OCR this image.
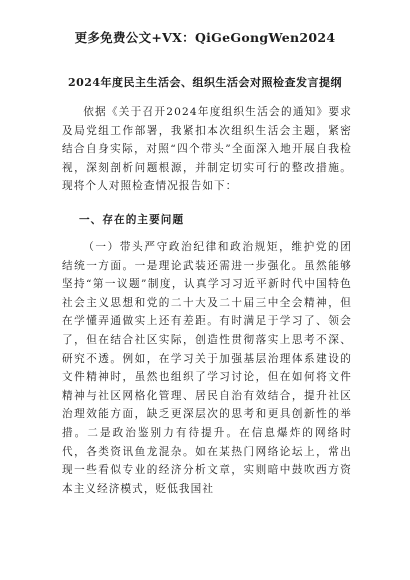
更多免费公文+VX：QiGeGongWen2024
2024年度民主生活会、组织生活会对照检查发言提纲

依据《关于召开2024年度组织生活会的通知》要求及局党组工作部署，我紧扣本次组织生活会主题，紧密结合自身实际，对照“四个带头”全面深入地开展自我检视，深刻剖析问题根源，并制定切实可行的整改措施。现将个人对照检查情况报告如下：

一、存在的主要问题

（一）带头严守政治纪律和政治规矩，维护党的团结统一方面。一是理论武装还需进一步强化。虽然能够坚持“第一议题”制度，认真学习习近平新时代中国特色社会主义思想和党的二十大及二十届三中全会精神，但在学懂弄通做实上还有差距。有时满足于学习了、领会了，但在结合社区实际，创造性贯彻落实上思考不深、研究不透。例如，在学习关于加强基层治理体系建设的文件精神时，虽然也组织了学习讨论，但在如何将文件精神与社区网格化管理、居民自治有效结合，提升社区治理效能方面，缺乏更深层次的思考和更具创新性的举措。二是政治鉴别力有待提升。在信息爆炸的网络时代，各类资讯鱼龙混杂。如在某热门网络论坛上，常出现一些看似专业的经济分析文章，实则暗中鼓吹西方资本主义经济模式，贬低我国社
